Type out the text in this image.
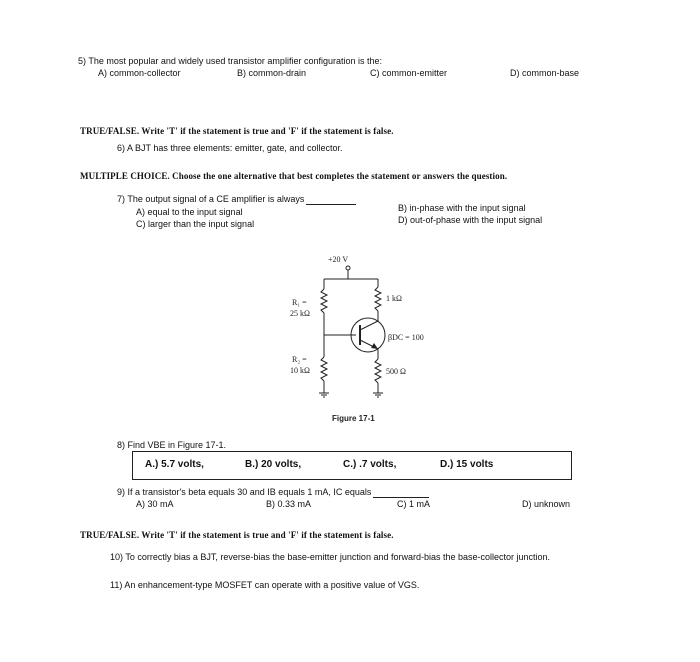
5) The most popular and widely used transistor amplifier configuration is the:
A) common-collector	B) common-drain	C) common-emitter	D) common-base
TRUE/FALSE. Write 'T' if the statement is true and 'F' if the statement is false.
6) A BJT has three elements: emitter, gate, and collector.
MULTIPLE CHOICE. Choose the one alternative that best completes the statement or answers the question.
7) The output signal of a CE amplifier is always
A) equal to the input signal
C) larger than the input signal
B) in-phase with the input signal
D) out-of-phase with the input signal
+20 V
R₁ =
25 kΩ
R₂ =
10 kΩ
1 kΩ
βDC = 100
500 Ω
Figure 17-1
8) Find VBE in Figure 17-1.
A.) 5.7 volts,	B.) 20 volts,	C.) .7 volts,	D.) 15 volts
9) If a transistor's beta equals 30 and IB equals 1 mA, IC equals
A) 30 mA	B) 0.33 mA	C) 1 mA	D) unknown
TRUE/FALSE. Write 'T' if the statement is true and 'F' if the statement is false.
10) To correctly bias a BJT, reverse-bias the base-emitter junction and forward-bias the base-collector junction.
11) An enhancement-type MOSFET can operate with a positive value of VGS.
